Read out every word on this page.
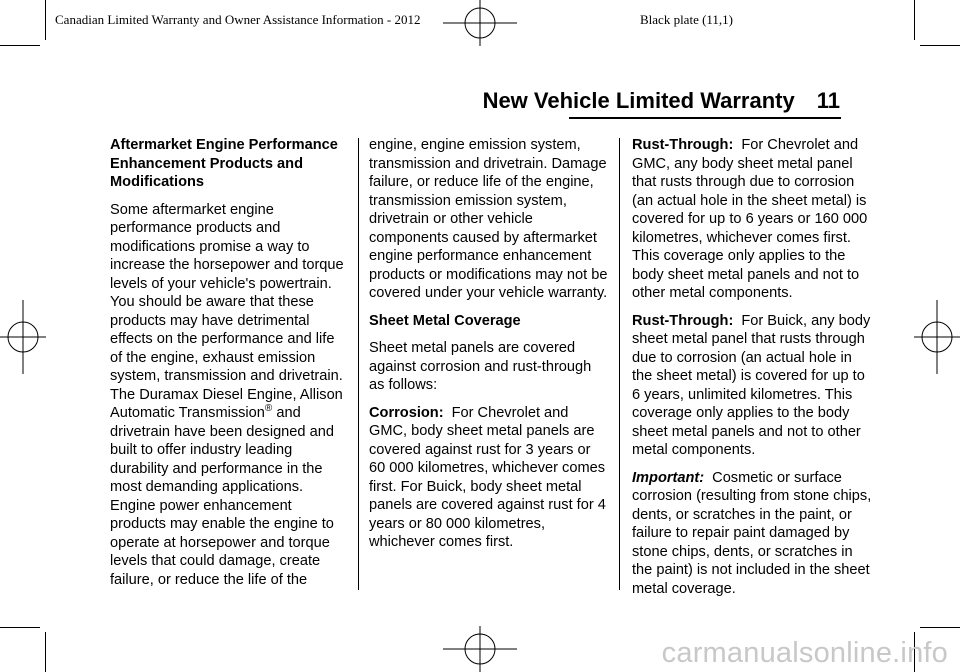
Canadian Limited Warranty and Owner Assistance Information - 2012	Black plate (11,1)
New Vehicle Limited Warranty 11

Aftermarket Engine Performance
Enhancement Products and
Modifications

Some aftermarket engine performance products and modifications promise a way to increase the horsepower and torque levels of your vehicle's powertrain. You should be aware that these products may have detrimental effects on the performance and life of the engine, exhaust emission system, transmission and drivetrain. The Duramax Diesel Engine, Allison Automatic Transmission® and drivetrain have been designed and built to offer industry leading durability and performance in the most demanding applications. Engine power enhancement products may enable the engine to operate at horsepower and torque levels that could damage, create failure, or reduce the life of the

engine, engine emission system, transmission and drivetrain. Damage failure, or reduce life of the engine, transmission emission system, drivetrain or other vehicle components caused by aftermarket engine performance enhancement products or modifications may not be covered under your vehicle warranty.

Sheet Metal Coverage

Sheet metal panels are covered against corrosion and rust-through as follows:

Corrosion: For Chevrolet and GMC, body sheet metal panels are covered against rust for 3 years or 60 000 kilometres, whichever comes first. For Buick, body sheet metal panels are covered against rust for 4 years or 80 000 kilometres, whichever comes first.

Rust-Through: For Chevrolet and GMC, any body sheet metal panel that rusts through due to corrosion (an actual hole in the sheet metal) is covered for up to 6 years or 160 000 kilometres, whichever comes first. This coverage only applies to the body sheet metal panels and not to other metal components.

Rust-Through: For Buick, any body sheet metal panel that rusts through due to corrosion (an actual hole in the sheet metal) is covered for up to 6 years, unlimited kilometres. This coverage only applies to the body sheet metal panels and not to other metal components.

Important: Cosmetic or surface corrosion (resulting from stone chips, dents, or scratches in the paint, or failure to repair paint damaged by stone chips, dents, or scratches in the paint) is not included in the sheet metal coverage.

carmanualsonline.info
